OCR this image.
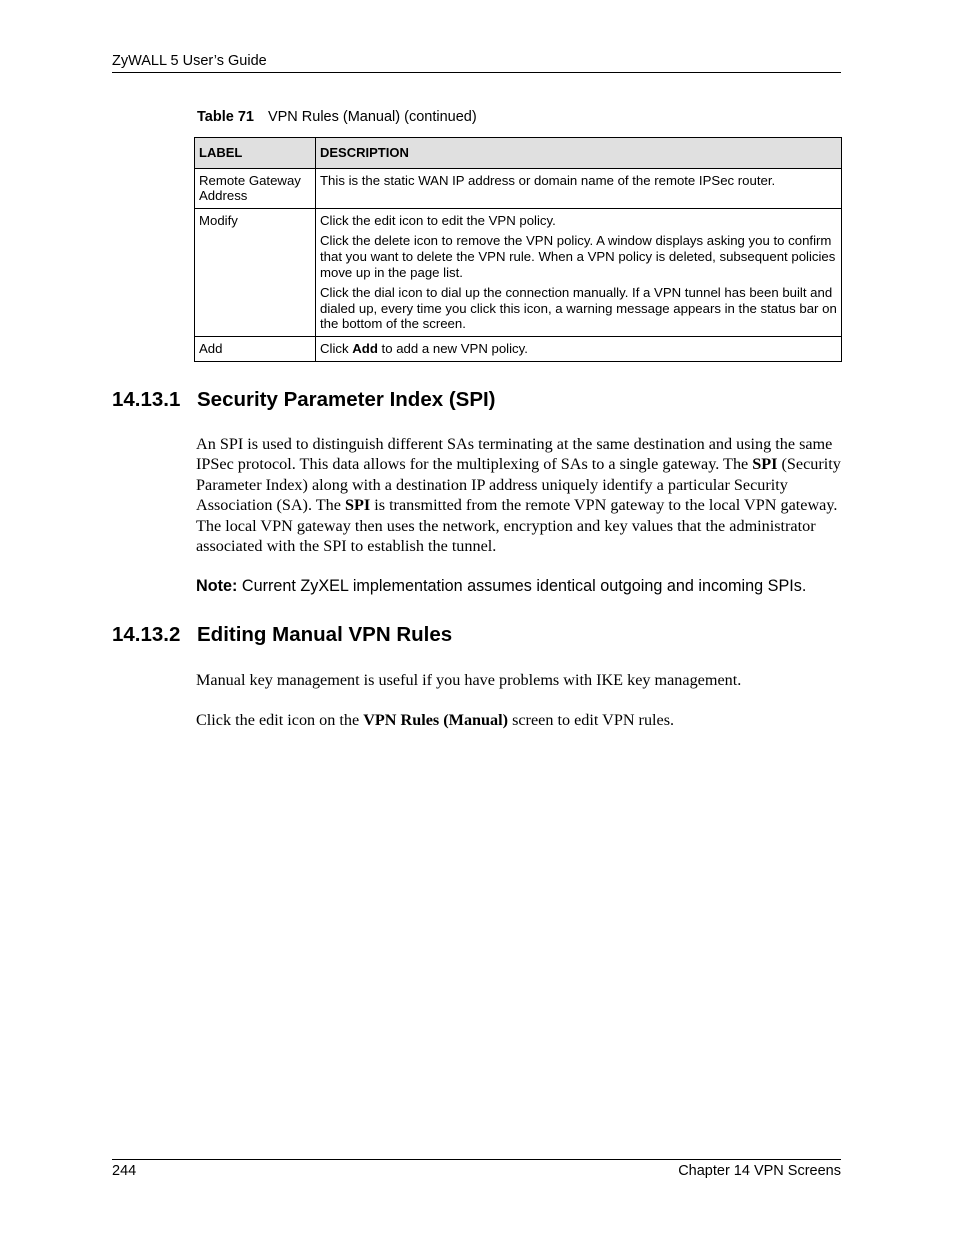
ZyWALL 5 User’s Guide
Table 71 VPN Rules (Manual) (continued)
LABEL	DESCRIPTION
Remote Gateway Address	This is the static WAN IP address or domain name of the remote IPSec router.

Modify	Click the edit icon to edit the VPN policy.

Click the delete icon to remove the VPN policy. A window displays asking you to confirm that you want to delete the VPN rule. When a VPN policy is deleted, subsequent policies move up in the page list.

Click the dial icon to dial up the connection manually. If a VPN tunnel has been built and dialed up, every time you click this icon, a warning message appears in the status bar on the bottom of the screen.

Add	Click Add to add a new VPN policy.
14.13.1 Security Parameter Index (SPI)

An SPI is used to distinguish different SAs terminating at the same destination and using the same IPSec protocol. This data allows for the multiplexing of SAs to a single gateway. The SPI (Security Parameter Index) along with a destination IP address uniquely identify a particular Security Association (SA). The SPI is transmitted from the remote VPN gateway to the local VPN gateway. The local VPN gateway then uses the network, encryption and key values that the administrator associated with the SPI to establish the tunnel.

Note: Current ZyXEL implementation assumes identical outgoing and incoming SPIs.

14.13.2 Editing Manual VPN Rules

Manual key management is useful if you have problems with IKE key management.

Click the edit icon on the VPN Rules (Manual) screen to edit VPN rules.

244	Chapter 14 VPN Screens
